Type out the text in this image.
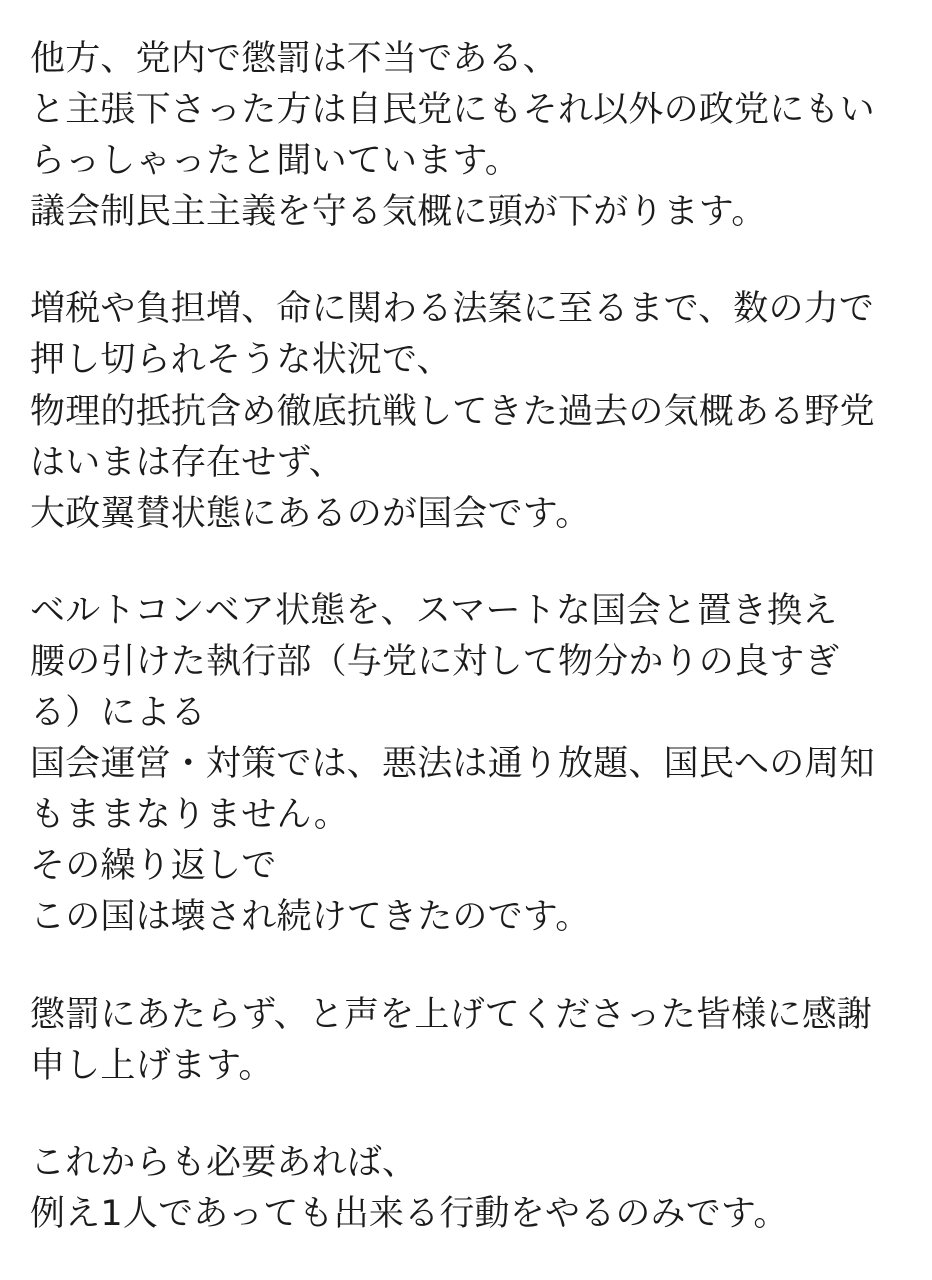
他方、党内で懲罰は不当である、
と主張下さった方は自民党にもそれ以外の政党にもい
らっしゃったと聞いています。
議会制民主主義を守る気概に頭が下がります。
増税や負担増、命に関わる法案に至るまで、数の力で
押し切られそうな状況で、
物理的抵抗含め徹底抗戦してきた過去の気概ある野党
はいまは存在せず、
大政翼賛状態にあるのが国会です。
ベルトコンベア状態を、スマートな国会と置き換え
腰の引けた執行部（与党に対して物分かりの良すぎ
る）による
国会運営・対策では、悪法は通り放題、国民への周知
もままなりません。
その繰り返しで
この国は壊され続けてきたのです。
懲罰にあたらず、と声を上げてくださった皆様に感謝
申し上げます。
これからも必要あれば、
例え1人であっても出来る行動をやるのみです。
